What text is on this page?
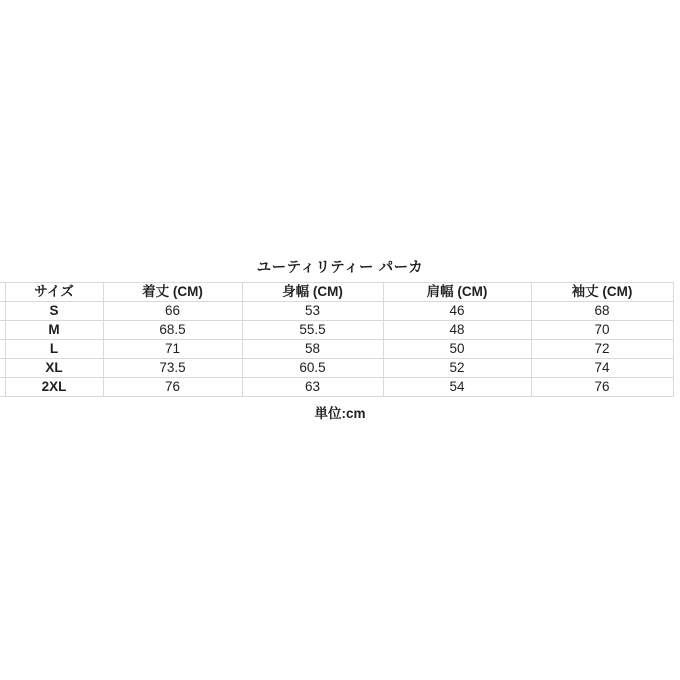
ユーティリティー パーカ
	サイズ	着丈 (CM)	身幅 (CM)	肩幅 (CM)	袖丈 (CM)
	S	66	53	46	68
	M	68.5	55.5	48	70
	L	71	58	50	72
	XL	73.5	60.5	52	74
	2XL	76	63	54	76
単位:cm
